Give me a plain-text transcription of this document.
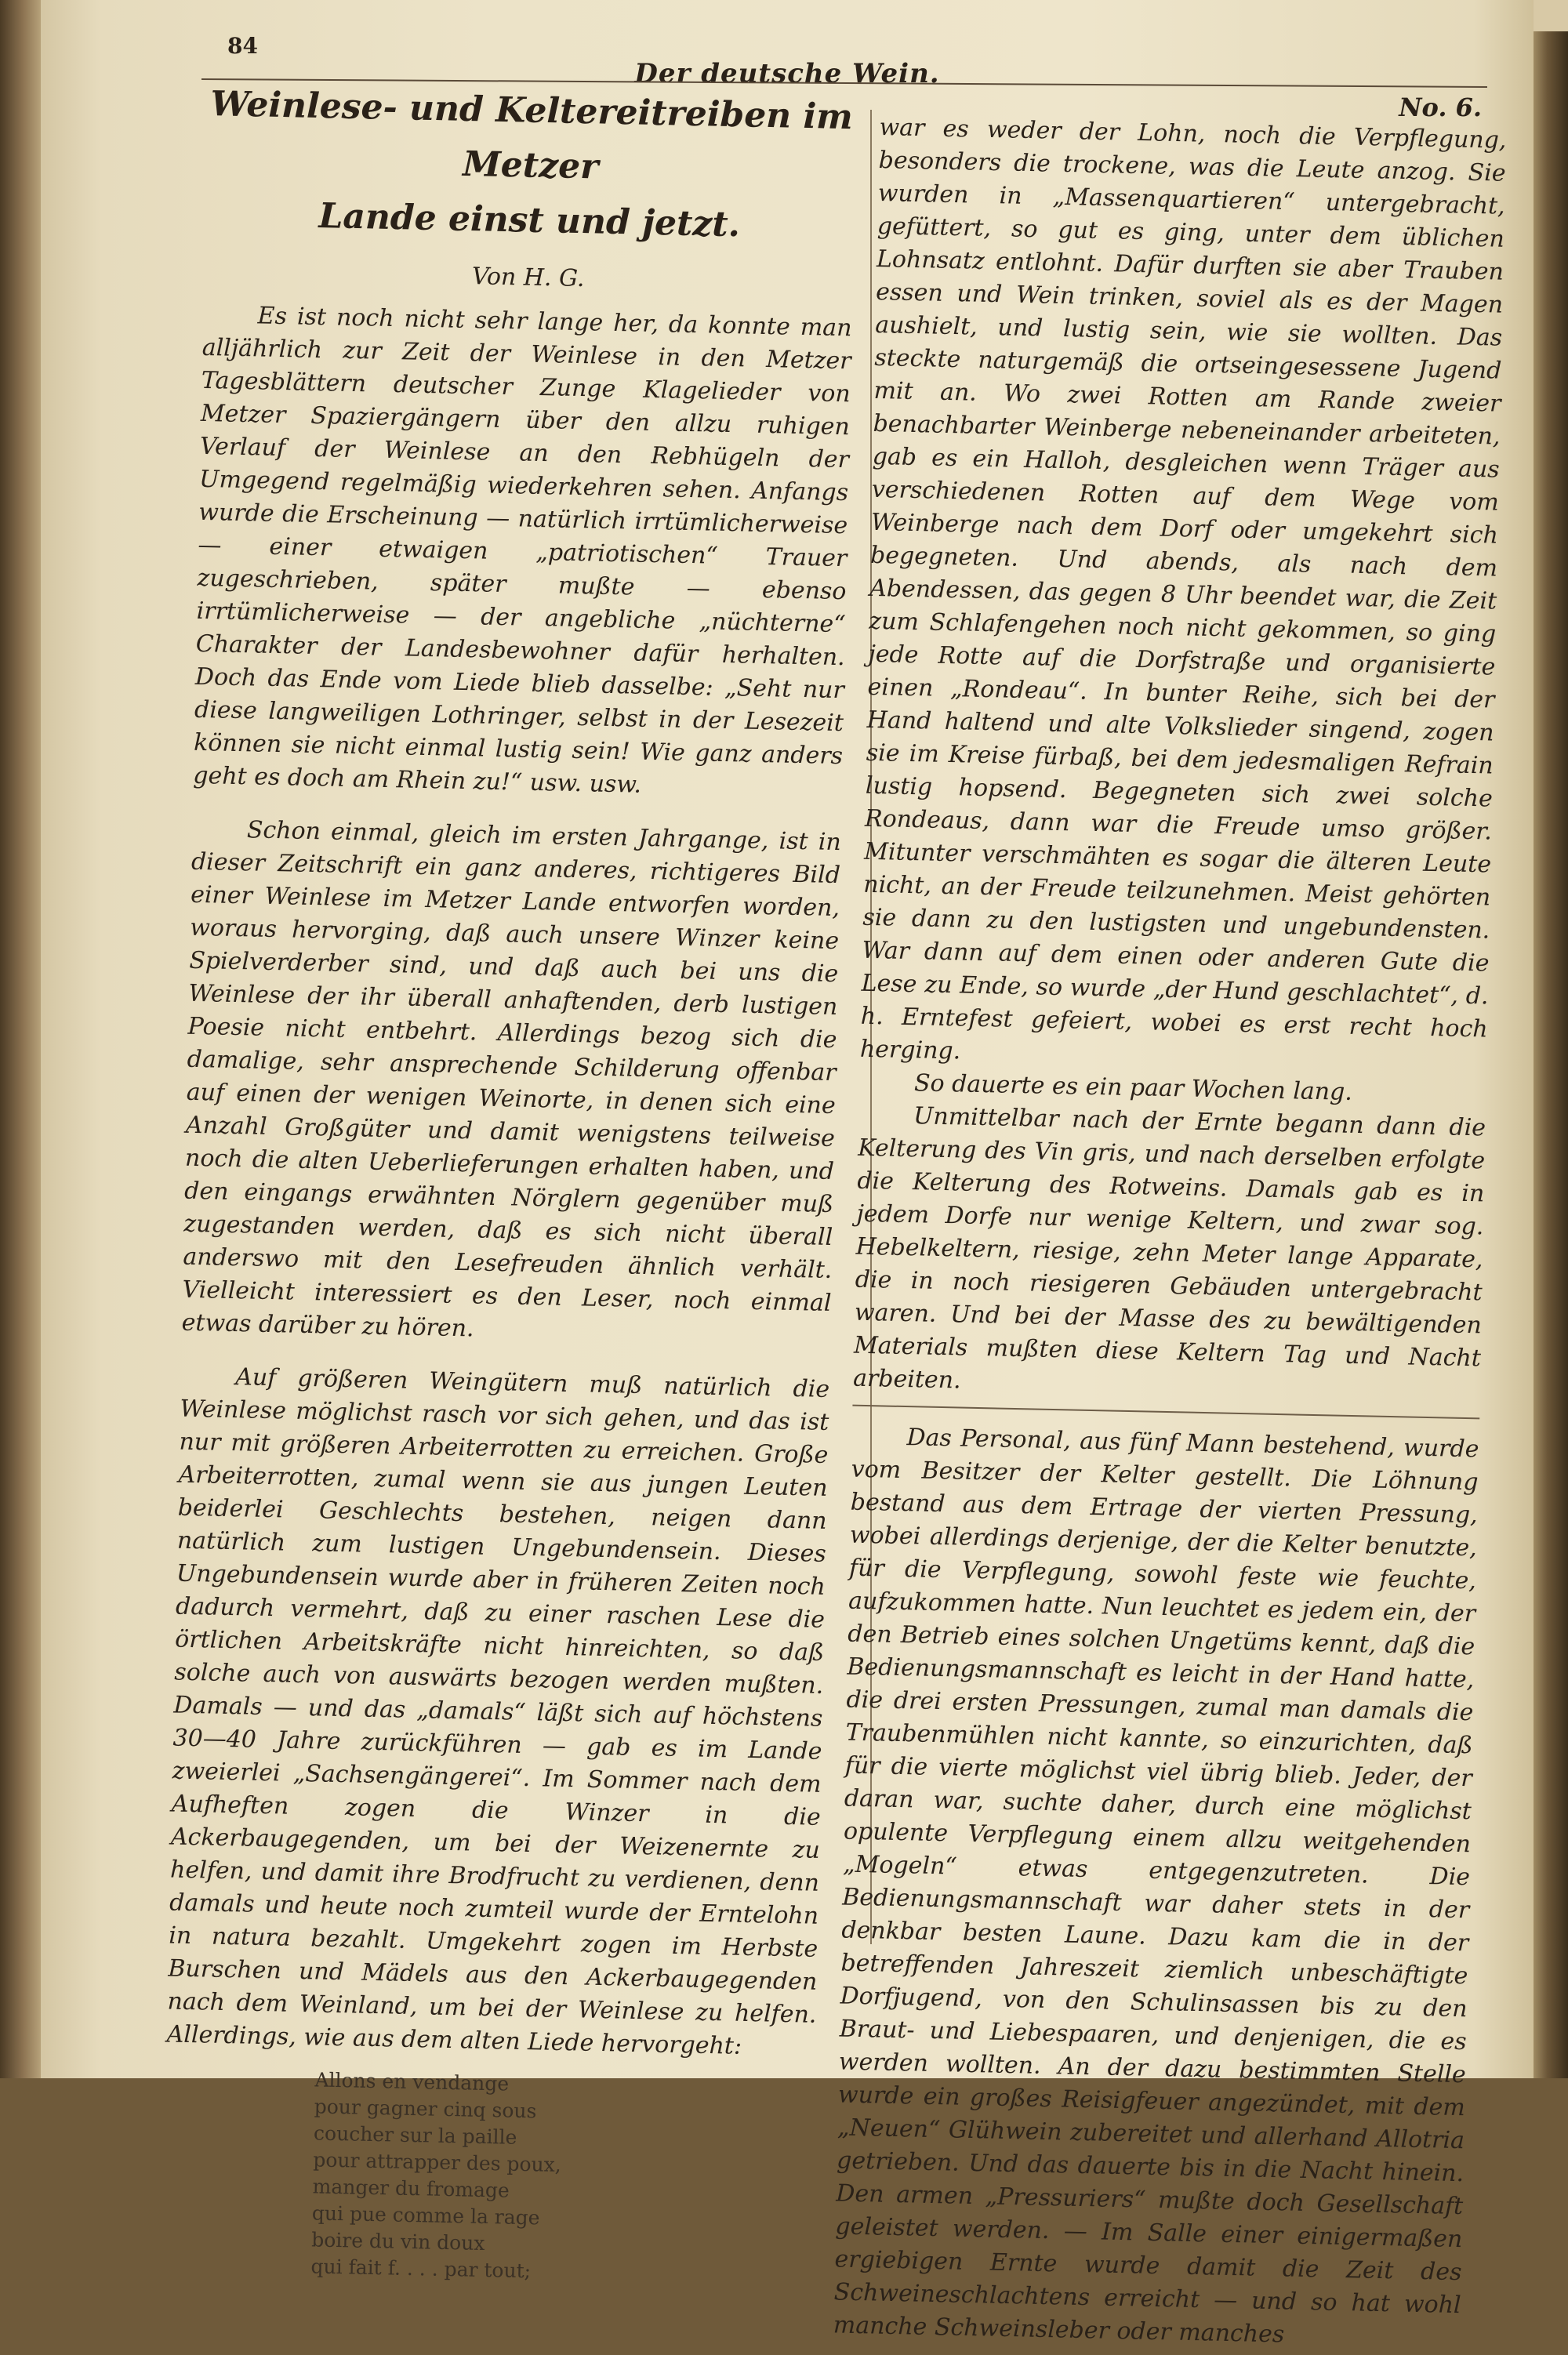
84
Der deutsche Wein.
No. 6.
Weinlese- und Keltereitreiben im Metzer
Lande einst und jetzt.
Von H. G.

Es ist noch nicht sehr lange her, da konnte man alljährlich zur Zeit der Weinlese in den Metzer Tagesblättern deutscher Zunge Klagelieder von Metzer Spaziergängern über den allzu ruhigen Verlauf der Weinlese an den Rebhügeln der Umgegend regelmäßig wiederkehren sehen. Anfangs wurde die Erscheinung — natürlich irrtümlicherweise — einer etwaigen „patriotischen“ Trauer zugeschrieben, später mußte — ebenso irrtümlicherweise — der angebliche „nüchterne“ Charakter der Landesbewohner dafür herhalten. Doch das Ende vom Liede blieb dasselbe: „Seht nur diese langweiligen Lothringer, selbst in der Lesezeit können sie nicht einmal lustig sein! Wie ganz anders geht es doch am Rhein zu!“ usw. usw.

Schon einmal, gleich im ersten Jahrgange, ist in dieser Zeitschrift ein ganz anderes, richtigeres Bild einer Weinlese im Metzer Lande entworfen worden, woraus hervorging, daß auch unsere Winzer keine Spielverderber sind, und daß auch bei uns die Weinlese der ihr überall anhaftenden, derb lustigen Poesie nicht entbehrt. Allerdings bezog sich die damalige, sehr ansprechende Schilderung offenbar auf einen der wenigen Weinorte, in denen sich eine Anzahl Großgüter und damit wenigstens teilweise noch die alten Ueberlieferungen erhalten haben, und den eingangs erwähnten Nörglern gegenüber muß zugestanden werden, daß es sich nicht überall anderswo mit den Lesefreuden ähnlich verhält. Vielleicht interessiert es den Leser, noch einmal etwas darüber zu hören.

Auf größeren Weingütern muß natürlich die Weinlese möglichst rasch vor sich gehen, und das ist nur mit größeren Arbeiterrotten zu erreichen. Große Arbeiterrotten, zumal wenn sie aus jungen Leuten beiderlei Geschlechts bestehen, neigen dann natürlich zum lustigen Ungebundensein. Dieses Ungebundensein wurde aber in früheren Zeiten noch dadurch vermehrt, daß zu einer raschen Lese die örtlichen Arbeitskräfte nicht hinreichten, so daß solche auch von auswärts bezogen werden mußten. Damals — und das „damals“ läßt sich auf höchstens 30—40 Jahre zurückführen — gab es im Lande zweierlei „Sachsengängerei“. Im Sommer nach dem Aufheften zogen die Winzer in die Ackerbaugegenden, um bei der Weizenernte zu helfen, und damit ihre Brodfrucht zu verdienen, denn damals und heute noch zumteil wurde der Erntelohn in natura bezahlt. Umgekehrt zogen im Herbste Burschen und Mädels aus den Ackerbaugegenden nach dem Weinland, um bei der Weinlese zu helfen. Allerdings, wie aus dem alten Liede hervorgeht:

Allons en vendange
pour gagner cinq sous
coucher sur la paille
pour attrapper des poux,
manger du fromage
qui pue comme la rage
boire du vin doux
qui fait f. . . . par tout;

war es weder der Lohn, noch die Verpflegung, besonders die trockene, was die Leute anzog. Sie wurden in „Massenquartieren“ untergebracht, gefüttert, so gut es ging, unter dem üblichen Lohnsatz entlohnt. Dafür durften sie aber Trauben essen und Wein trinken, soviel als es der Magen aushielt, und lustig sein, wie sie wollten. Das steckte naturgemäß die ortseingesessene Jugend mit an. Wo zwei Rotten am Rande zweier benachbarter Weinberge nebeneinander arbeiteten, gab es ein Halloh, desgleichen wenn Träger aus verschiedenen Rotten auf dem Wege vom Weinberge nach dem Dorf oder umgekehrt sich begegneten. Und abends, als nach dem Abendessen, das gegen 8 Uhr beendet war, die Zeit zum Schlafengehen noch nicht gekommen, so ging jede Rotte auf die Dorfstraße und organisierte einen „Rondeau“. In bunter Reihe, sich bei der Hand haltend und alte Volkslieder singend, zogen sie im Kreise fürbaß, bei dem jedesmaligen Refrain lustig hopsend. Begegneten sich zwei solche Rondeaus, dann war die Freude umso größer. Mitunter verschmähten es sogar die älteren Leute nicht, an der Freude teilzunehmen. Meist gehörten sie dann zu den lustigsten und ungebundensten. War dann auf dem einen oder anderen Gute die Lese zu Ende, so wurde „der Hund geschlachtet“, d. h. Erntefest gefeiert, wobei es erst recht hoch herging.

So dauerte es ein paar Wochen lang.

Unmittelbar nach der Ernte begann dann die Kelterung des Vin gris, und nach derselben erfolgte die Kelterung des Rotweins. Damals gab es in jedem Dorfe nur wenige Keltern, und zwar sog. Hebelkeltern, riesige, zehn Meter lange Apparate, die in noch riesigeren Gebäuden untergebracht waren. Und bei der Masse des zu bewältigenden Materials mußten diese Keltern Tag und Nacht arbeiten.

Das Personal, aus fünf Mann bestehend, wurde vom Besitzer der Kelter gestellt. Die Löhnung bestand aus dem Ertrage der vierten Pressung, wobei allerdings derjenige, der die Kelter benutzte, für die Verpflegung, sowohl feste wie feuchte, aufzukommen hatte. Nun leuchtet es jedem ein, der den Betrieb eines solchen Ungetüms kennt, daß die Bedienungsmannschaft es leicht in der Hand hatte, die drei ersten Pressungen, zumal man damals die Traubenmühlen nicht kannte, so einzurichten, daß für die vierte möglichst viel übrig blieb. Jeder, der daran war, suchte daher, durch eine möglichst opulente Verpflegung einem allzu weitgehenden „Mogeln“ etwas entgegenzutreten. Die Bedienungsmannschaft war daher stets in der denkbar besten Laune. Dazu kam die in der betreffenden Jahreszeit ziemlich unbeschäftigte Dorfjugend, von den Schulinsassen bis zu den Braut- und Liebespaaren, und denjenigen, die es werden wollten. An der dazu bestimmten Stelle wurde ein großes Reisigfeuer angezündet, mit dem „Neuen“ Glühwein zubereitet und allerhand Allotria getrieben. Und das dauerte bis in die Nacht hinein. Den armen „Pressuriers“ mußte doch Gesellschaft geleistet werden. — Im Salle einer einigermaßen ergiebigen Ernte wurde damit die Zeit des Schweineschlachtens erreicht — und so hat wohl manche Schweinsleber oder manches
